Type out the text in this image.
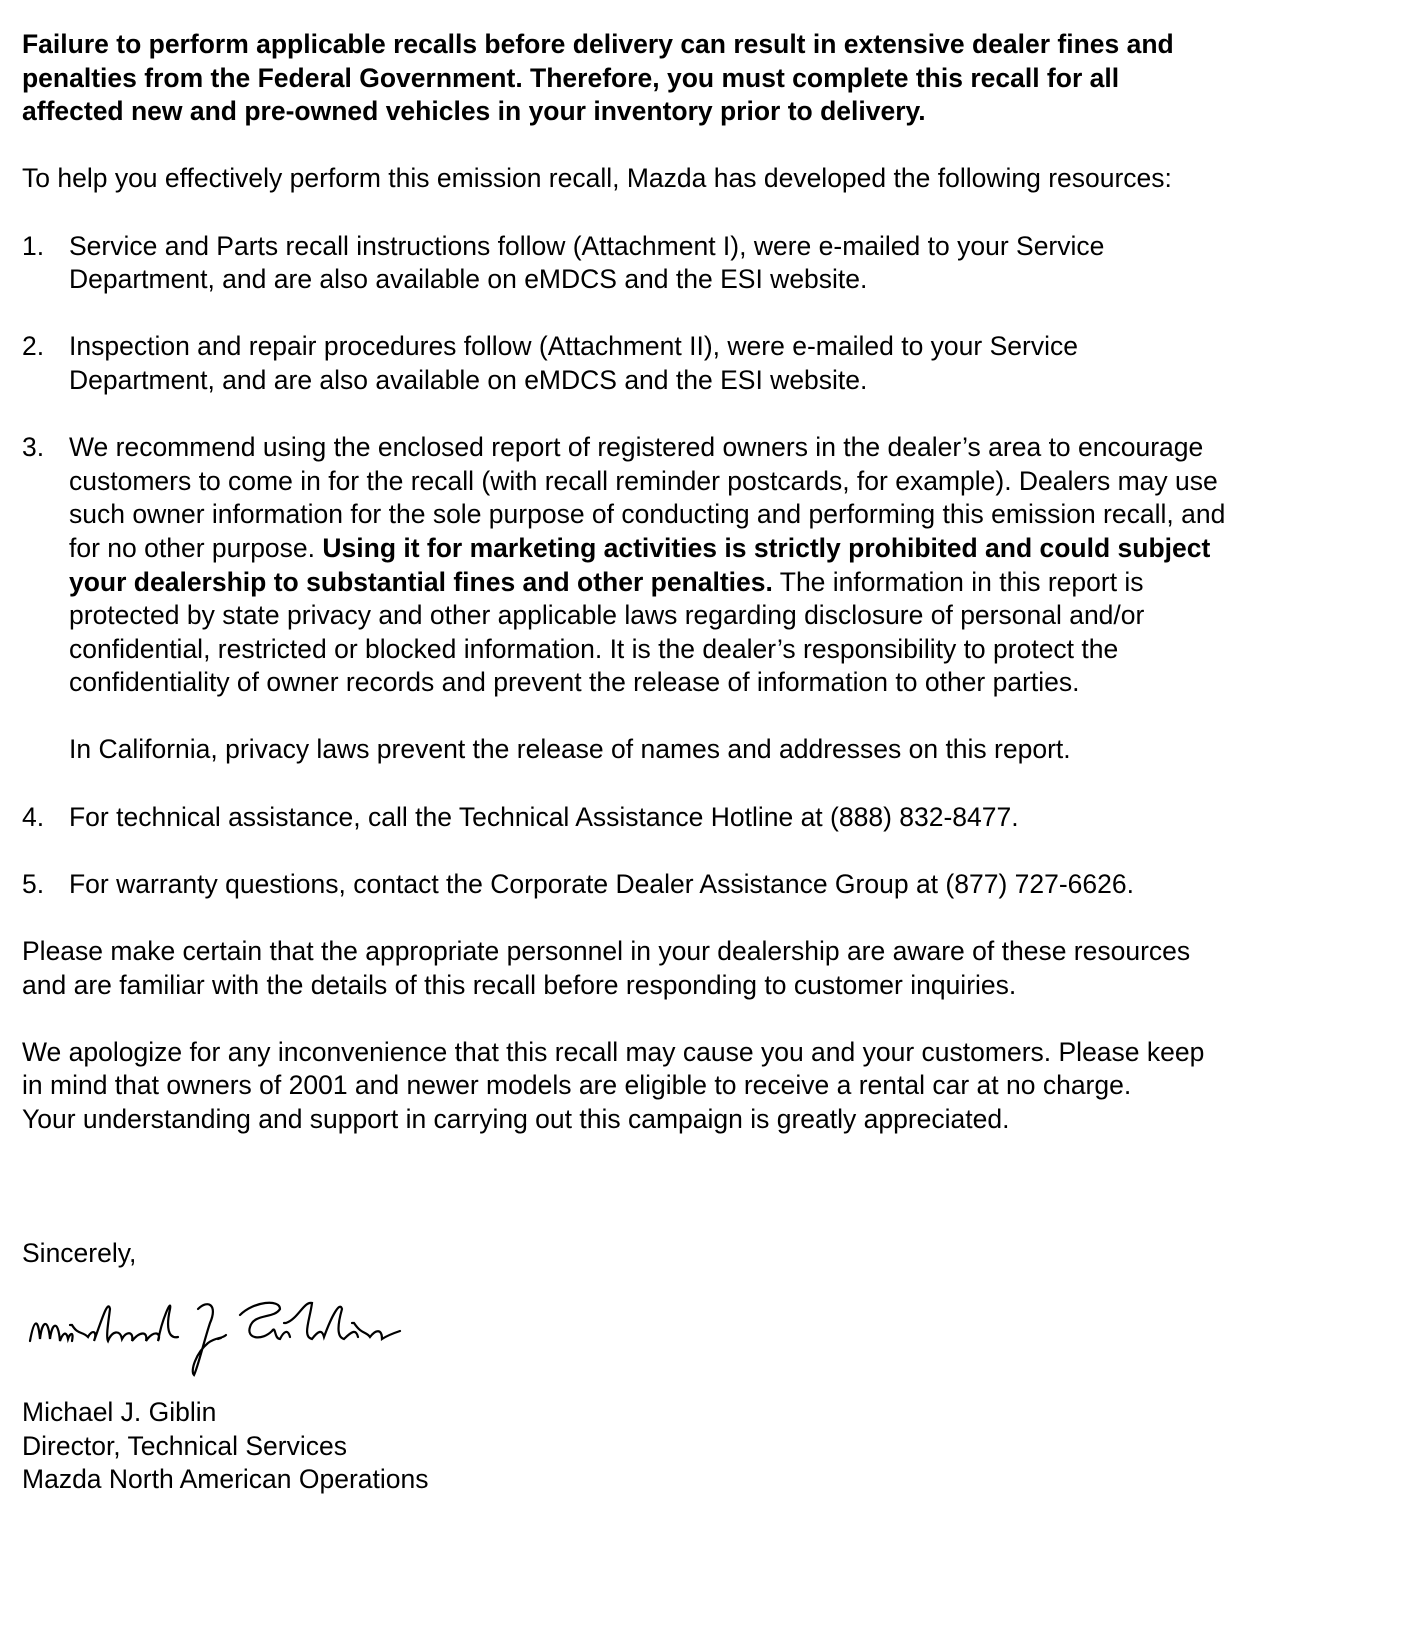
Failure to perform applicable recalls before delivery can result in extensive dealer fines and
penalties from the Federal Government. Therefore, you must complete this recall for all
affected new and pre-owned vehicles in your inventory prior to delivery.
To help you effectively perform this emission recall, Mazda has developed the following resources:
1. Service and Parts recall instructions follow (Attachment I), were e-mailed to your Service
Department, and are also available on eMDCS and the ESI website.
2. Inspection and repair procedures follow (Attachment II), were e-mailed to your Service
Department, and are also available on eMDCS and the ESI website.
3. We recommend using the enclosed report of registered owners in the dealer’s area to encourage
customers to come in for the recall (with recall reminder postcards, for example). Dealers may use
such owner information for the sole purpose of conducting and performing this emission recall, and
for no other purpose. Using it for marketing activities is strictly prohibited and could subject
your dealership to substantial fines and other penalties. The information in this report is
protected by state privacy and other applicable laws regarding disclosure of personal and/or
confidential, restricted or blocked information. It is the dealer’s responsibility to protect the
confidentiality of owner records and prevent the release of information to other parties.
In California, privacy laws prevent the release of names and addresses on this report.
4. For technical assistance, call the Technical Assistance Hotline at (888) 832-8477.
5. For warranty questions, contact the Corporate Dealer Assistance Group at (877) 727-6626.
Please make certain that the appropriate personnel in your dealership are aware of these resources
and are familiar with the details of this recall before responding to customer inquiries.
We apologize for any inconvenience that this recall may cause you and your customers. Please keep
in mind that owners of 2001 and newer models are eligible to receive a rental car at no charge.
Your understanding and support in carrying out this campaign is greatly appreciated.
Sincerely,
Michael J. Giblin
Director, Technical Services
Mazda North American Operations
